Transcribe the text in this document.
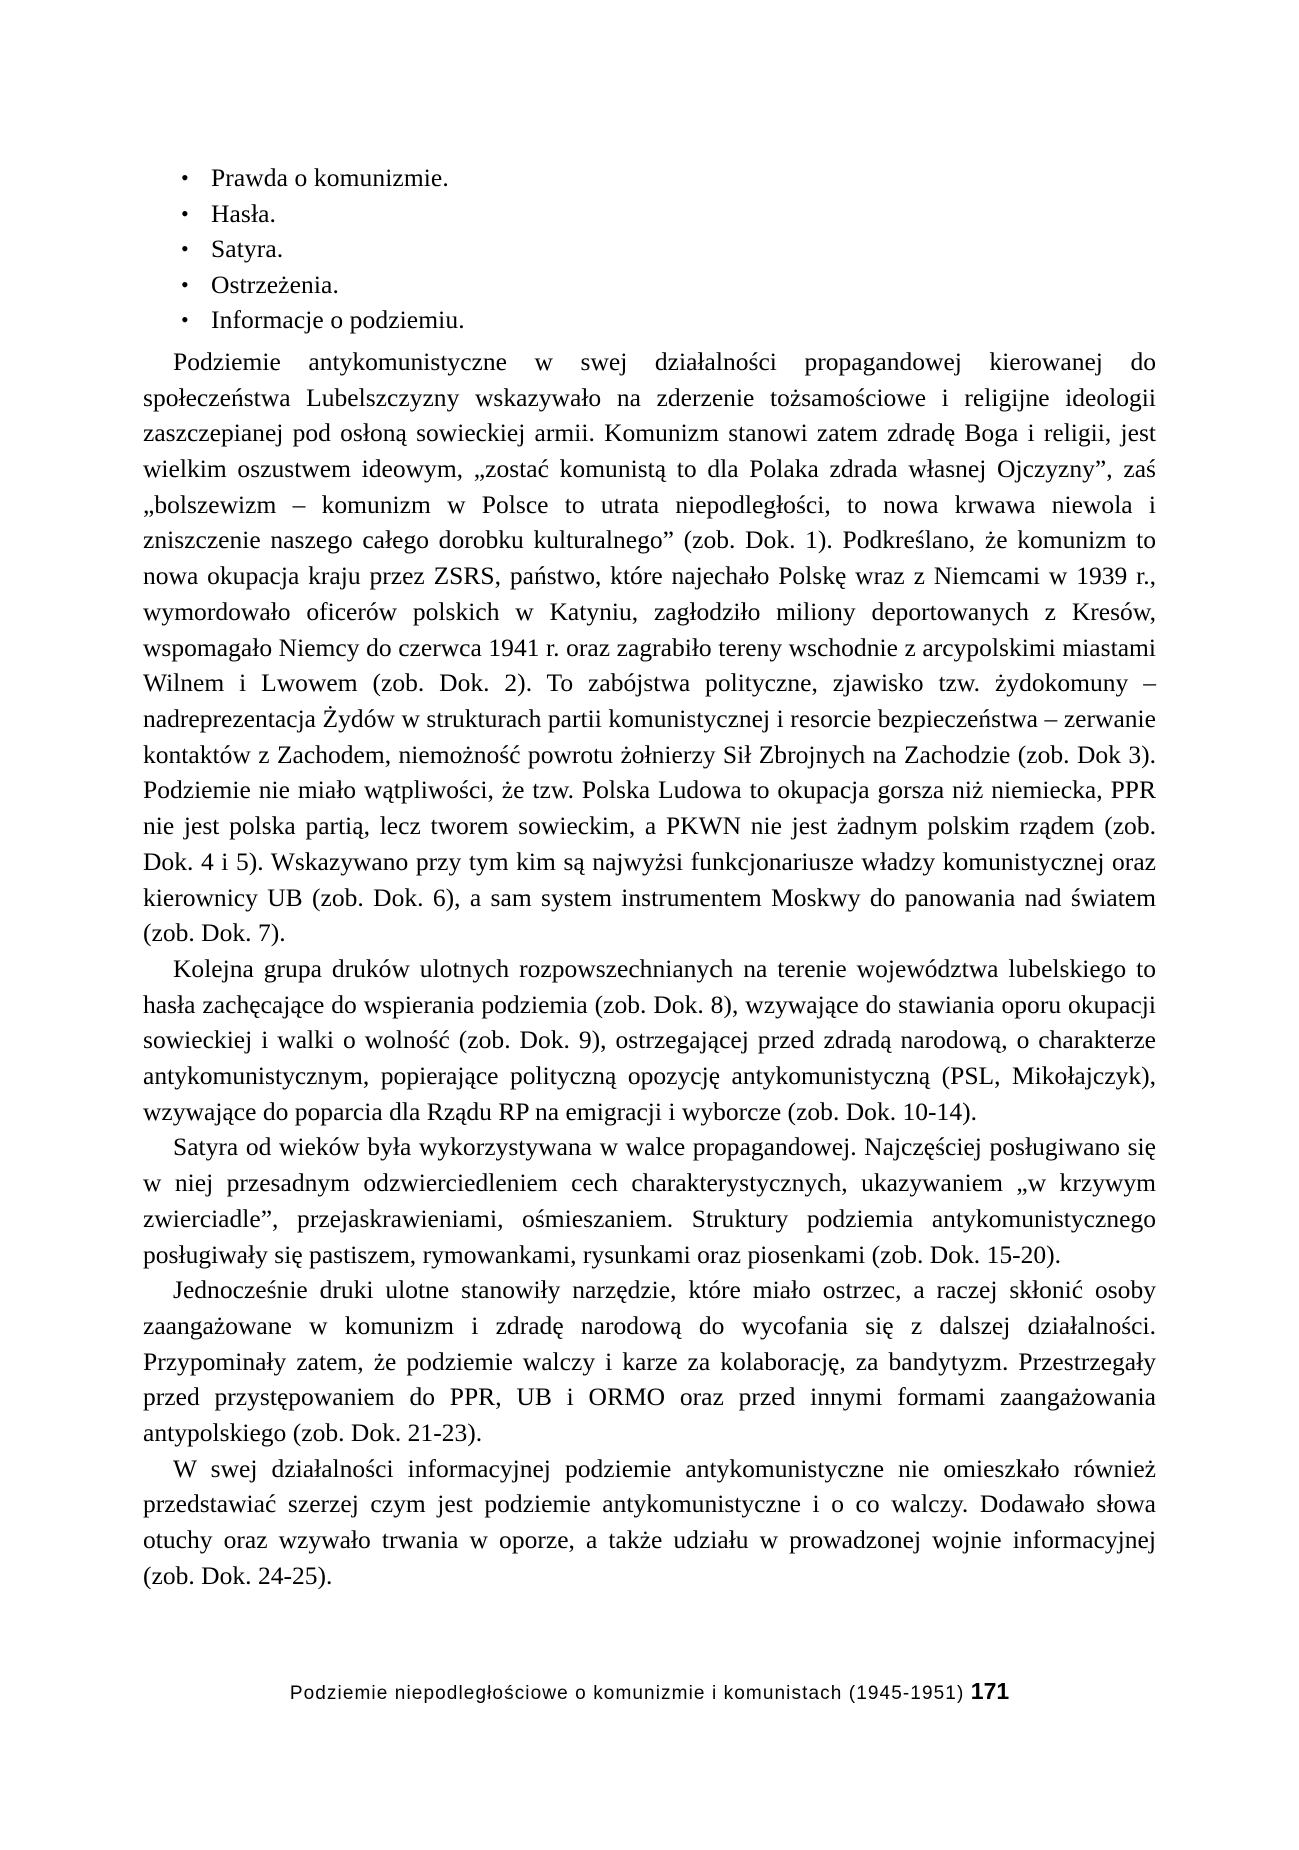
• Prawda o komunizmie.
• Hasła.
• Satyra.
• Ostrzeżenia.
• Informacje o podziemiu.

Podziemie antykomunistyczne w swej działalności propagandowej kierowanej do społeczeństwa Lubelszczyzny wskazywało na zderzenie tożsamościowe i religijne ideologii zaszczepianej pod osłoną sowieckiej armii. Komunizm stanowi zatem zdradę Boga i religii, jest wielkim oszustwem ideowym, „zostać komunistą to dla Polaka zdrada własnej Ojczyzny”, zaś „bolszewizm – komunizm w Polsce to utrata niepodległości, to nowa krwawa niewola i zniszczenie naszego całego dorobku kulturalnego” (zob. Dok. 1). Podkreślano, że komunizm to nowa okupacja kraju przez ZSRS, państwo, które najechało Polskę wraz z Niemcami w 1939 r., wymordowało oficerów polskich w Katyniu, zagłodziło miliony deportowanych z Kresów, wspomagało Niemcy do czerwca 1941 r. oraz zagrabiło tereny wschodnie z arcypolskimi miastami Wilnem i Lwowem (zob. Dok. 2). To zabójstwa polityczne, zjawisko tzw. żydokomuny – nadreprezentacja Żydów w strukturach partii komunistycznej i resorcie bezpieczeństwa – zerwanie kontaktów z Zachodem, niemożność powrotu żołnierzy Sił Zbrojnych na Zachodzie (zob. Dok 3). Podziemie nie miało wątpliwości, że tzw. Polska Ludowa to okupacja gorsza niż niemiecka, PPR nie jest polska partią, lecz tworem sowieckim, a PKWN nie jest żadnym polskim rządem (zob. Dok. 4 i 5). Wskazywano przy tym kim są najwyżsi funkcjonariusze władzy komunistycznej oraz kierownicy UB (zob. Dok. 6), a sam system instrumentem Moskwy do panowania nad światem (zob. Dok. 7).

Kolejna grupa druków ulotnych rozpowszechnianych na terenie województwa lubelskiego to hasła zachęcające do wspierania podziemia (zob. Dok. 8), wzywające do stawiania oporu okupacji sowieckiej i walki o wolność (zob. Dok. 9), ostrzegającej przed zdradą narodową, o charakterze antykomunistycznym, popierające polityczną opozycję antykomunistyczną (PSL, Mikołajczyk), wzywające do poparcia dla Rządu RP na emigracji i wyborcze (zob. Dok. 10-14).

Satyra od wieków była wykorzystywana w walce propagandowej. Najczęściej posługiwano się w niej przesadnym odzwierciedleniem cech charakterystycznych, ukazywaniem „w krzywym zwierciadle”, przejaskrawieniami, ośmieszaniem. Struktury podziemia antykomunistycznego posługiwały się pastiszem, rymowankami, rysunkami oraz piosenkami (zob. Dok. 15-20).

Jednocześnie druki ulotne stanowiły narzędzie, które miało ostrzec, a raczej skłonić osoby zaangażowane w komunizm i zdradę narodową do wycofania się z dalszej działalności. Przypominały zatem, że podziemie walczy i karze za kolaborację, za bandytyzm. Przestrzegały przed przystępowaniem do PPR, UB i ORMO oraz przed innymi formami zaangażowania antypolskiego (zob. Dok. 21-23).

W swej działalności informacyjnej podziemie antykomunistyczne nie omieszkało również przedstawiać szerzej czym jest podziemie antykomunistyczne i o co walczy. Dodawało słowa otuchy oraz wzywało trwania w oporze, a także udziału w prowadzonej wojnie informacyjnej (zob. Dok. 24-25).

Podziemie niepodległościowe o komunizmie i komunistach (1945-1951) 171
